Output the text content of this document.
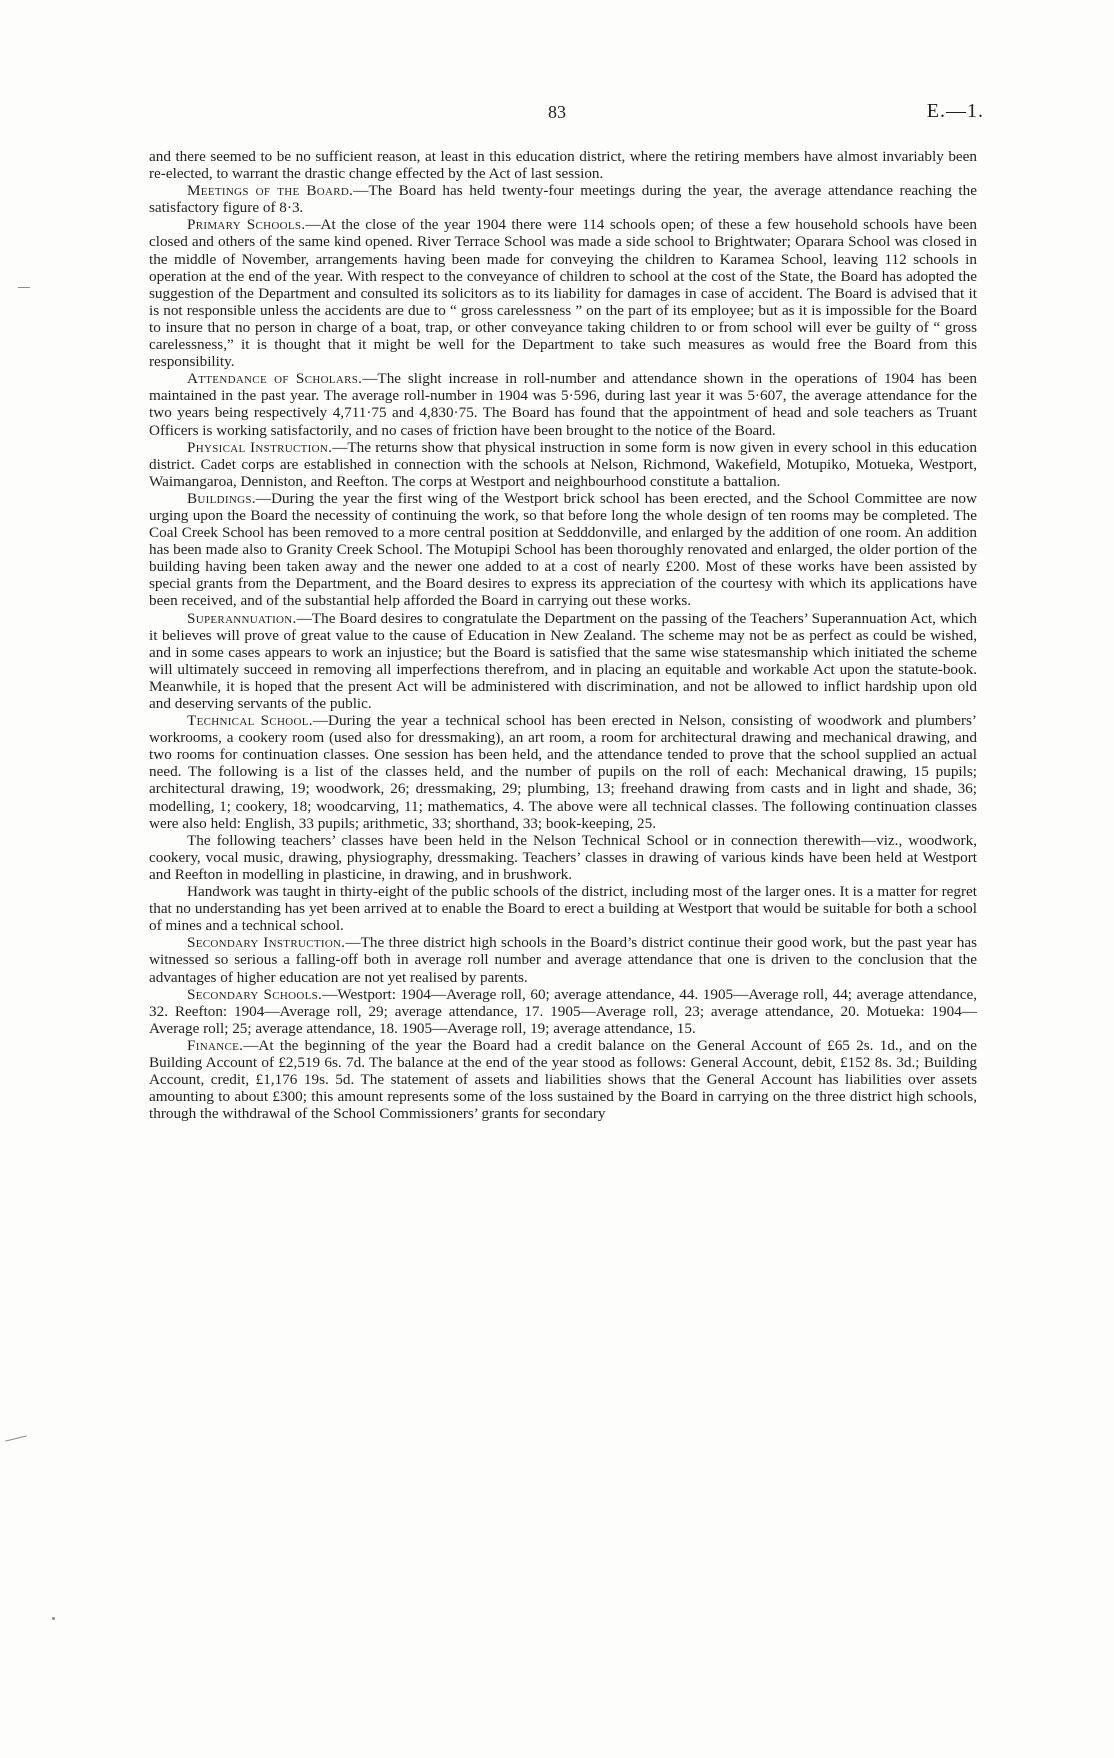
83	E.—1.

and there seemed to be no sufficient reason, at least in this education district, where the retiring members have almost invariably been re-elected, to warrant the drastic change effected by the Act of last session.

Meetings of the Board.—The Board has held twenty-four meetings during the year, the average attendance reaching the satisfactory figure of 8·3.

Primary Schools.—At the close of the year 1904 there were 114 schools open; of these a few household schools have been closed and others of the same kind opened. River Terrace School was made a side school to Brightwater; Oparara School was closed in the middle of November, arrangements having been made for conveying the children to Karamea School, leaving 112 schools in operation at the end of the year. With respect to the conveyance of children to school at the cost of the State, the Board has adopted the suggestion of the Department and consulted its solicitors as to its liability for damages in case of accident. The Board is advised that it is not responsible unless the accidents are due to “ gross carelessness ” on the part of its employee; but as it is impossible for the Board to insure that no person in charge of a boat, trap, or other conveyance taking children to or from school will ever be guilty of “ gross carelessness,” it is thought that it might be well for the Department to take such measures as would free the Board from this responsibility.

Attendance of Scholars.—The slight increase in roll-number and attendance shown in the operations of 1904 has been maintained in the past year. The average roll-number in 1904 was 5·596, during last year it was 5·607, the average attendance for the two years being respectively 4,711·75 and 4,830·75. The Board has found that the appointment of head and sole teachers as Truant Officers is working satisfactorily, and no cases of friction have been brought to the notice of the Board.

Physical Instruction.—The returns show that physical instruction in some form is now given in every school in this education district. Cadet corps are established in connection with the schools at Nelson, Richmond, Wakefield, Motupiko, Motueka, Westport, Waimangaroa, Denniston, and Reefton. The corps at Westport and neighbourhood constitute a battalion.

Buildings.—During the year the first wing of the Westport brick school has been erected, and the School Committee are now urging upon the Board the necessity of continuing the work, so that before long the whole design of ten rooms may be completed. The Coal Creek School has been removed to a more central position at Sedddonville, and enlarged by the addition of one room. An addition has been made also to Granity Creek School. The Motupipi School has been thoroughly renovated and enlarged, the older portion of the building having been taken away and the newer one added to at a cost of nearly £200. Most of these works have been assisted by special grants from the Department, and the Board desires to express its appreciation of the courtesy with which its applications have been received, and of the substantial help afforded the Board in carrying out these works.

Superannuation.—The Board desires to congratulate the Department on the passing of the Teachers’ Superannuation Act, which it believes will prove of great value to the cause of Education in New Zealand. The scheme may not be as perfect as could be wished, and in some cases appears to work an injustice; but the Board is satisfied that the same wise statesmanship which initiated the scheme will ultimately succeed in removing all imperfections therefrom, and in placing an equitable and workable Act upon the statute-book. Meanwhile, it is hoped that the present Act will be administered with discrimination, and not be allowed to inflict hardship upon old and deserving servants of the public.

Technical School.—During the year a technical school has been erected in Nelson, consisting of woodwork and plumbers’ workrooms, a cookery room (used also for dressmaking), an art room, a room for architectural drawing and mechanical drawing, and two rooms for continuation classes. One session has been held, and the attendance tended to prove that the school supplied an actual need. The following is a list of the classes held, and the number of pupils on the roll of each: Mechanical drawing, 15 pupils; architectural drawing, 19; woodwork, 26; dressmaking, 29; plumbing, 13; freehand drawing from casts and in light and shade, 36; modelling, 1; cookery, 18; woodcarving, 11; mathematics, 4. The above were all technical classes. The following continuation classes were also held: English, 33 pupils; arithmetic, 33; shorthand, 33; book-keeping, 25.

The following teachers’ classes have been held in the Nelson Technical School or in connection therewith—viz., woodwork, cookery, vocal music, drawing, physiography, dressmaking. Teachers’ classes in drawing of various kinds have been held at Westport and Reefton in modelling in plasticine, in drawing, and in brushwork.

Handwork was taught in thirty-eight of the public schools of the district, including most of the larger ones. It is a matter for regret that no understanding has yet been arrived at to enable the Board to erect a building at Westport that would be suitable for both a school of mines and a technical school.

Secondary Instruction.—The three district high schools in the Board’s district continue their good work, but the past year has witnessed so serious a falling-off both in average roll number and average attendance that one is driven to the conclusion that the advantages of higher education are not yet realised by parents.

Secondary Schools.—Westport: 1904—Average roll, 60; average attendance, 44. 1905—Average roll, 44; average attendance, 32. Reefton: 1904—Average roll, 29; average attendance, 17. 1905—Average roll, 23; average attendance, 20. Motueka: 1904—Average roll; 25; average attendance, 18. 1905—Average roll, 19; average attendance, 15.

Finance.—At the beginning of the year the Board had a credit balance on the General Account of £65 2s. 1d., and on the Building Account of £2,519 6s. 7d. The balance at the end of the year stood as follows: General Account, debit, £152 8s. 3d.; Building Account, credit, £1,176 19s. 5d. The statement of assets and liabilities shows that the General Account has liabilities over assets amounting to about £300; this amount represents some of the loss sustained by the Board in carrying on the three district high schools, through the withdrawal of the School Commissioners’ grants for secondary
